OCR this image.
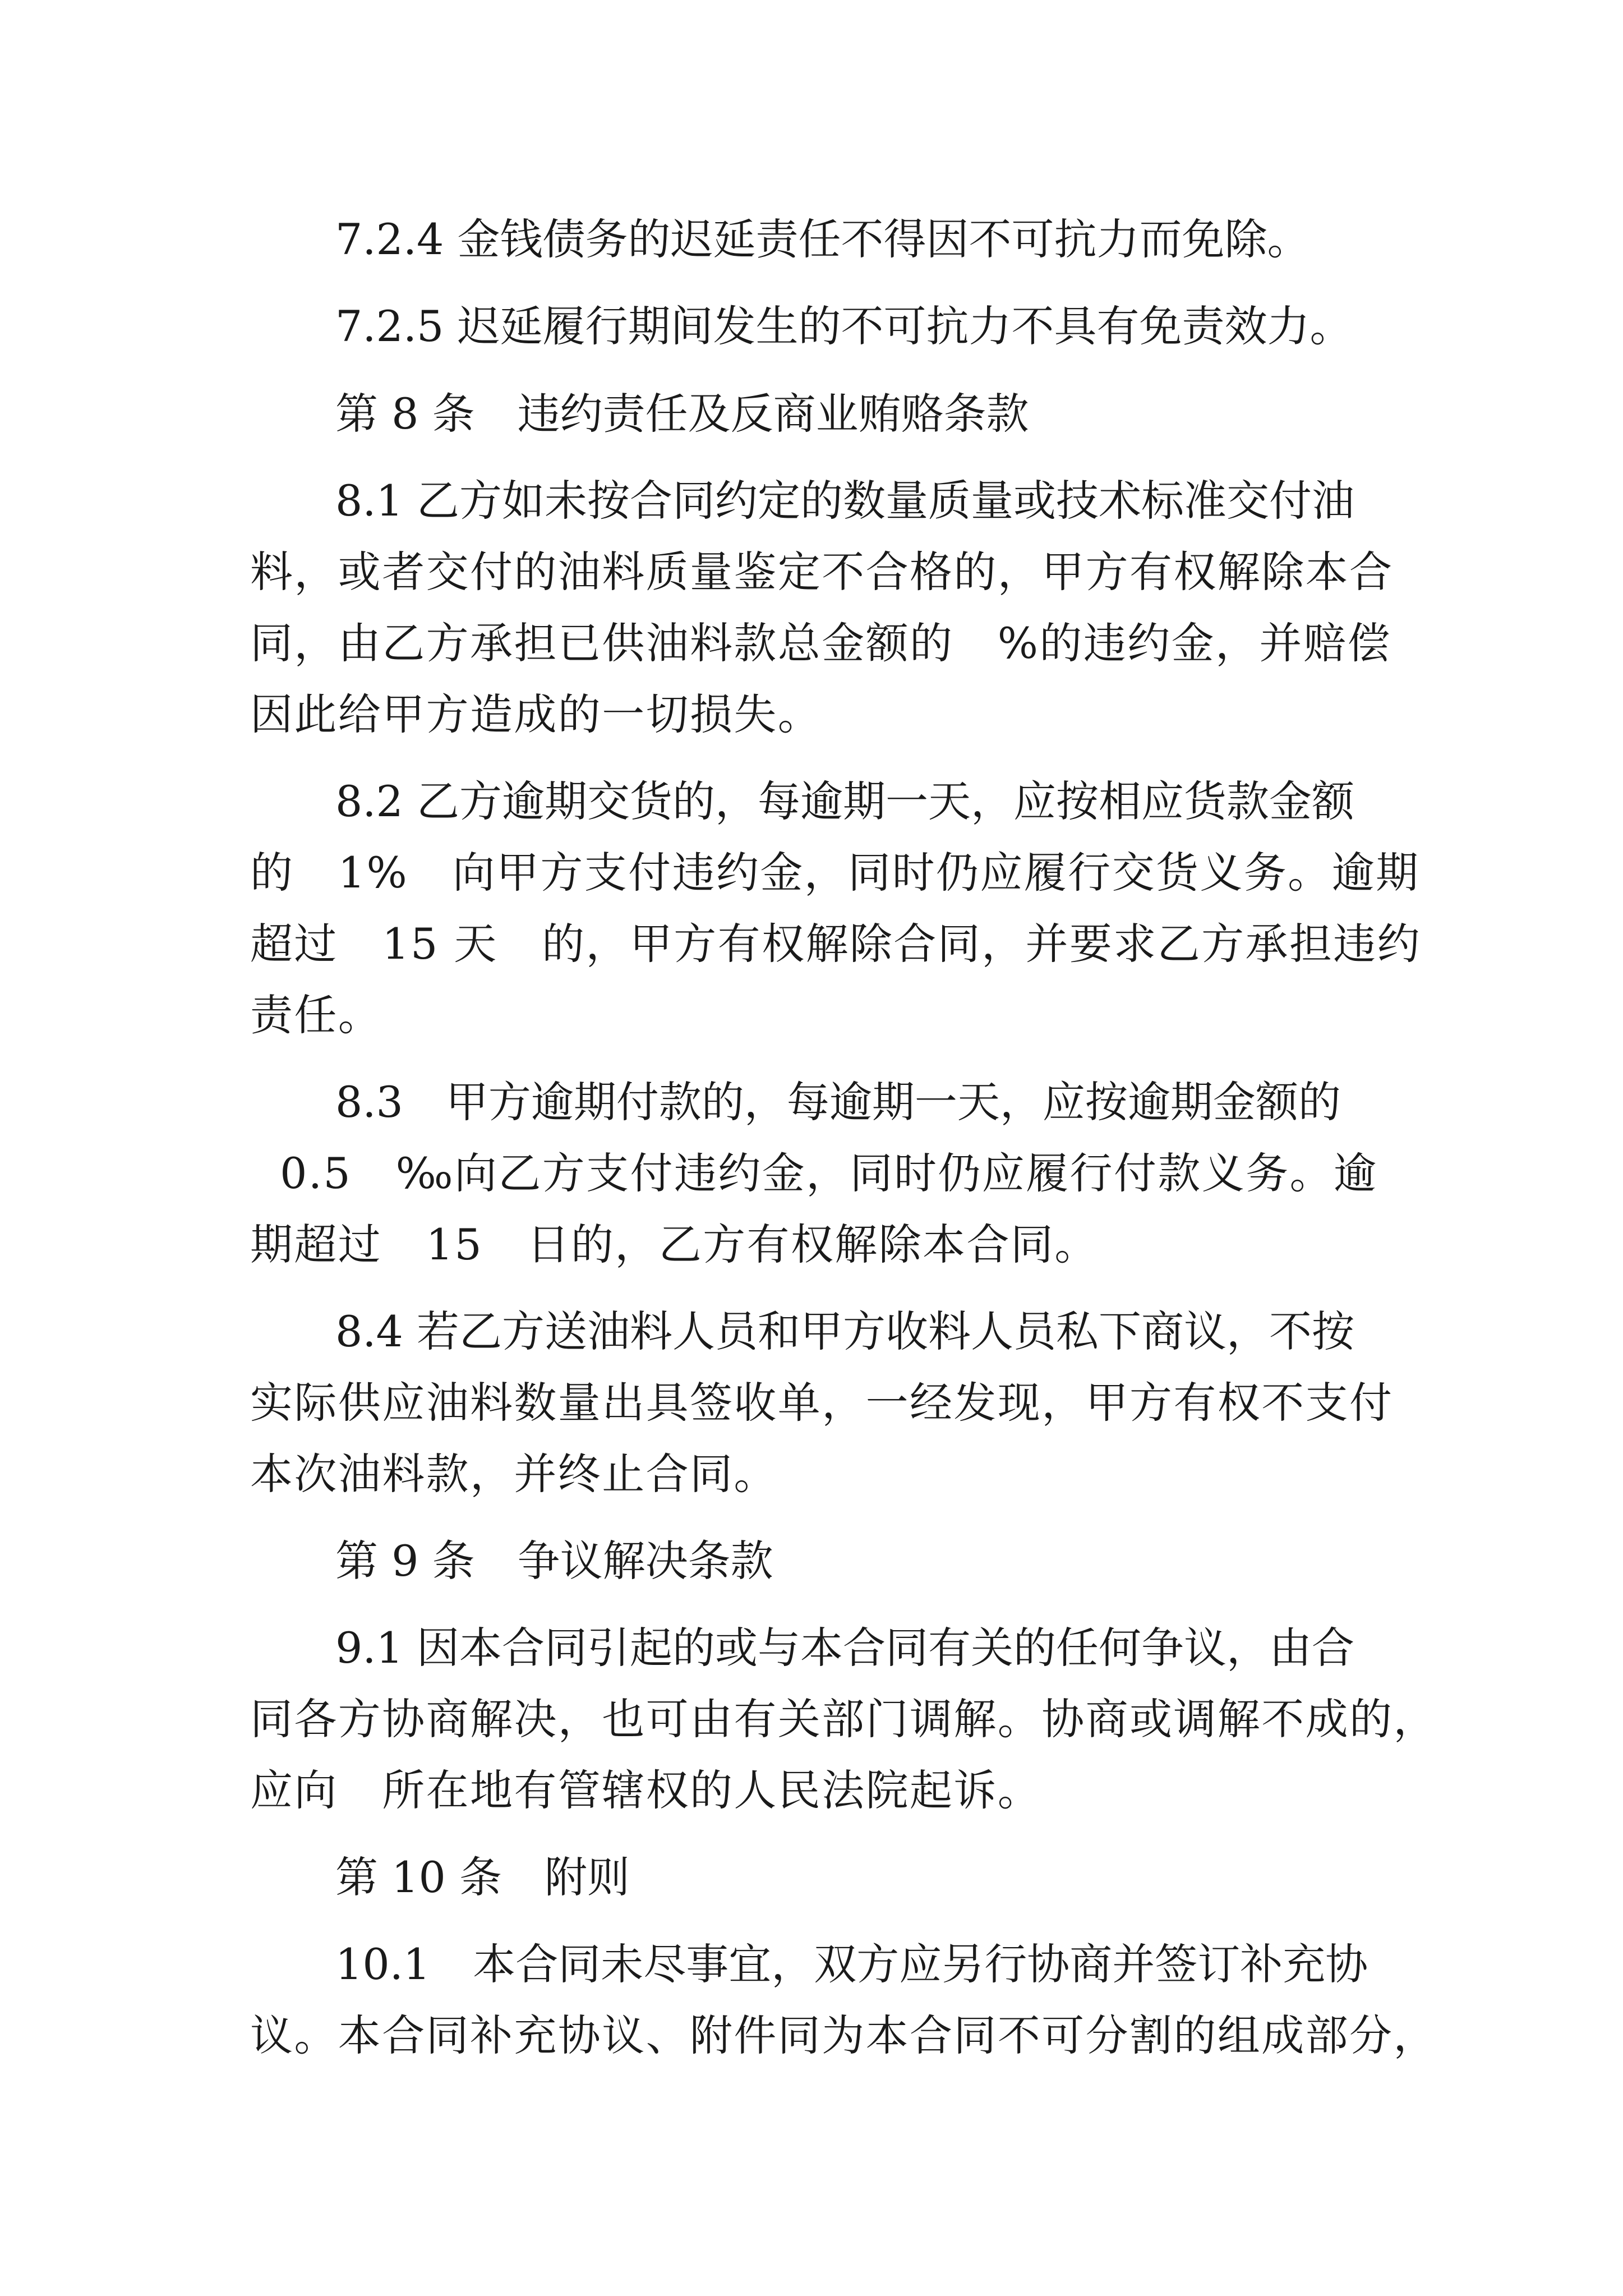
7.2.4 金钱债务的迟延责任不得因不可抗力而免除。
7.2.5 迟延履行期间发生的不可抗力不具有免责效力。
第 8 条　违约责任及反商业贿赂条款
8.1 乙方如未按合同约定的数量质量或技术标准交付油
料，或者交付的油料质量鉴定不合格的，甲方有权解除本合
同，由乙方承担已供油料款总金额的　%的违约金，并赔偿
因此给甲方造成的一切损失。
8.2 乙方逾期交货的，每逾期一天，应按相应货款金额
的　1%　向甲方支付违约金，同时仍应履行交货义务。逾期
超过　15 天　的，甲方有权解除合同，并要求乙方承担违约
责任。
8.3　甲方逾期付款的，每逾期一天，应按逾期金额的
0.5　‰向乙方支付违约金，同时仍应履行付款义务。逾
期超过　15　日的，乙方有权解除本合同。
8.4 若乙方送油料人员和甲方收料人员私下商议，不按
实际供应油料数量出具签收单，一经发现，甲方有权不支付
本次油料款，并终止合同。
第 9 条　争议解决条款
9.1 因本合同引起的或与本合同有关的任何争议，由合
同各方协商解决，也可由有关部门调解。协商或调解不成的，
应向　所在地有管辖权的人民法院起诉。
第 10 条　附则
10.1　本合同未尽事宜，双方应另行协商并签订补充协
议。本合同补充协议、附件同为本合同不可分割的组成部分，
